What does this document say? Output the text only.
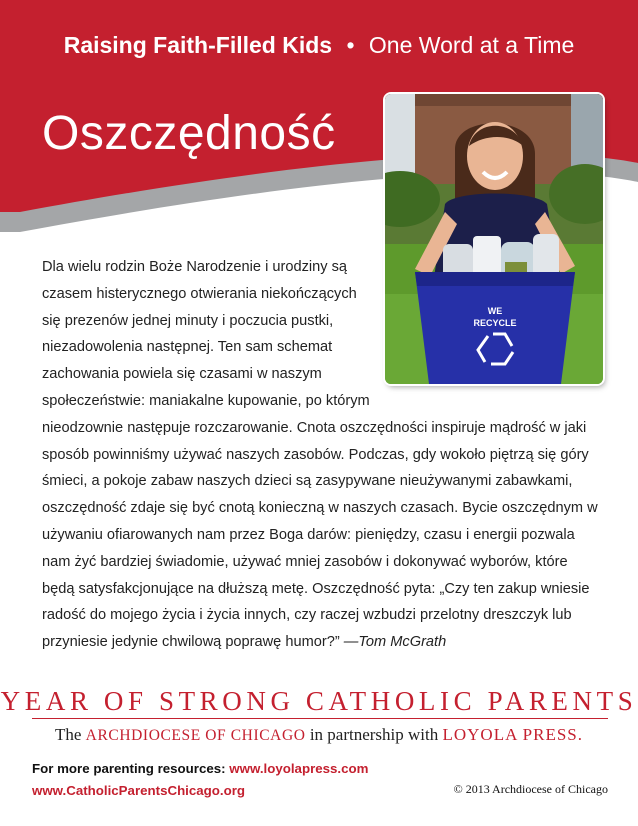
Raising Faith-Filled Kids • One Word at a Time
Oszczędność
WE
RECYCLE

Dla wielu rodzin Boże Narodzenie i urodziny są czasem histerycznego otwierania niekończących się prezenów jednej minuty i poczucia pustki, niezadowolenia następnej. Ten sam schemat zachowania powiela się czasami w naszym społeczeństwie: maniakalne kupowanie, po którym nieodzownie następuje rozczarowanie. Cnota oszczędności inspiruje mądrość w jaki sposób powinniśmy używać naszych zasobów. Podczas, gdy wokoło piętrzą się góry śmieci, a pokoje zabaw naszych dzieci są zasypywane nieużywanymi zabawkami, oszczędność zdaje się być cnotą konieczną w naszych czasach. Bycie oszczędnym w używaniu ofiarowanych nam przez Boga darów: pieniędzy, czasu i energii pozwala nam żyć bardziej świadomie, używać mniej zasobów i dokonywać wyborów, które będą satysfakcjonujące na dłuższą metę. Oszczędność pyta: „Czy ten zakup wniesie radość do mojego życia i życia innych, czy raczej wzbudzi przelotny dreszczyk lub przyniesie jedynie chwilową poprawę humor?” —Tom McGrath

YEAR OF STRONG CATHOLIC PARENTS
The ARCHDIOCESE OF CHICAGO in partnership with LOYOLA PRESS.
For more parenting resources: www.loyolapress.com
www.CatholicParentsChicago.org	© 2013 Archdiocese of Chicago
